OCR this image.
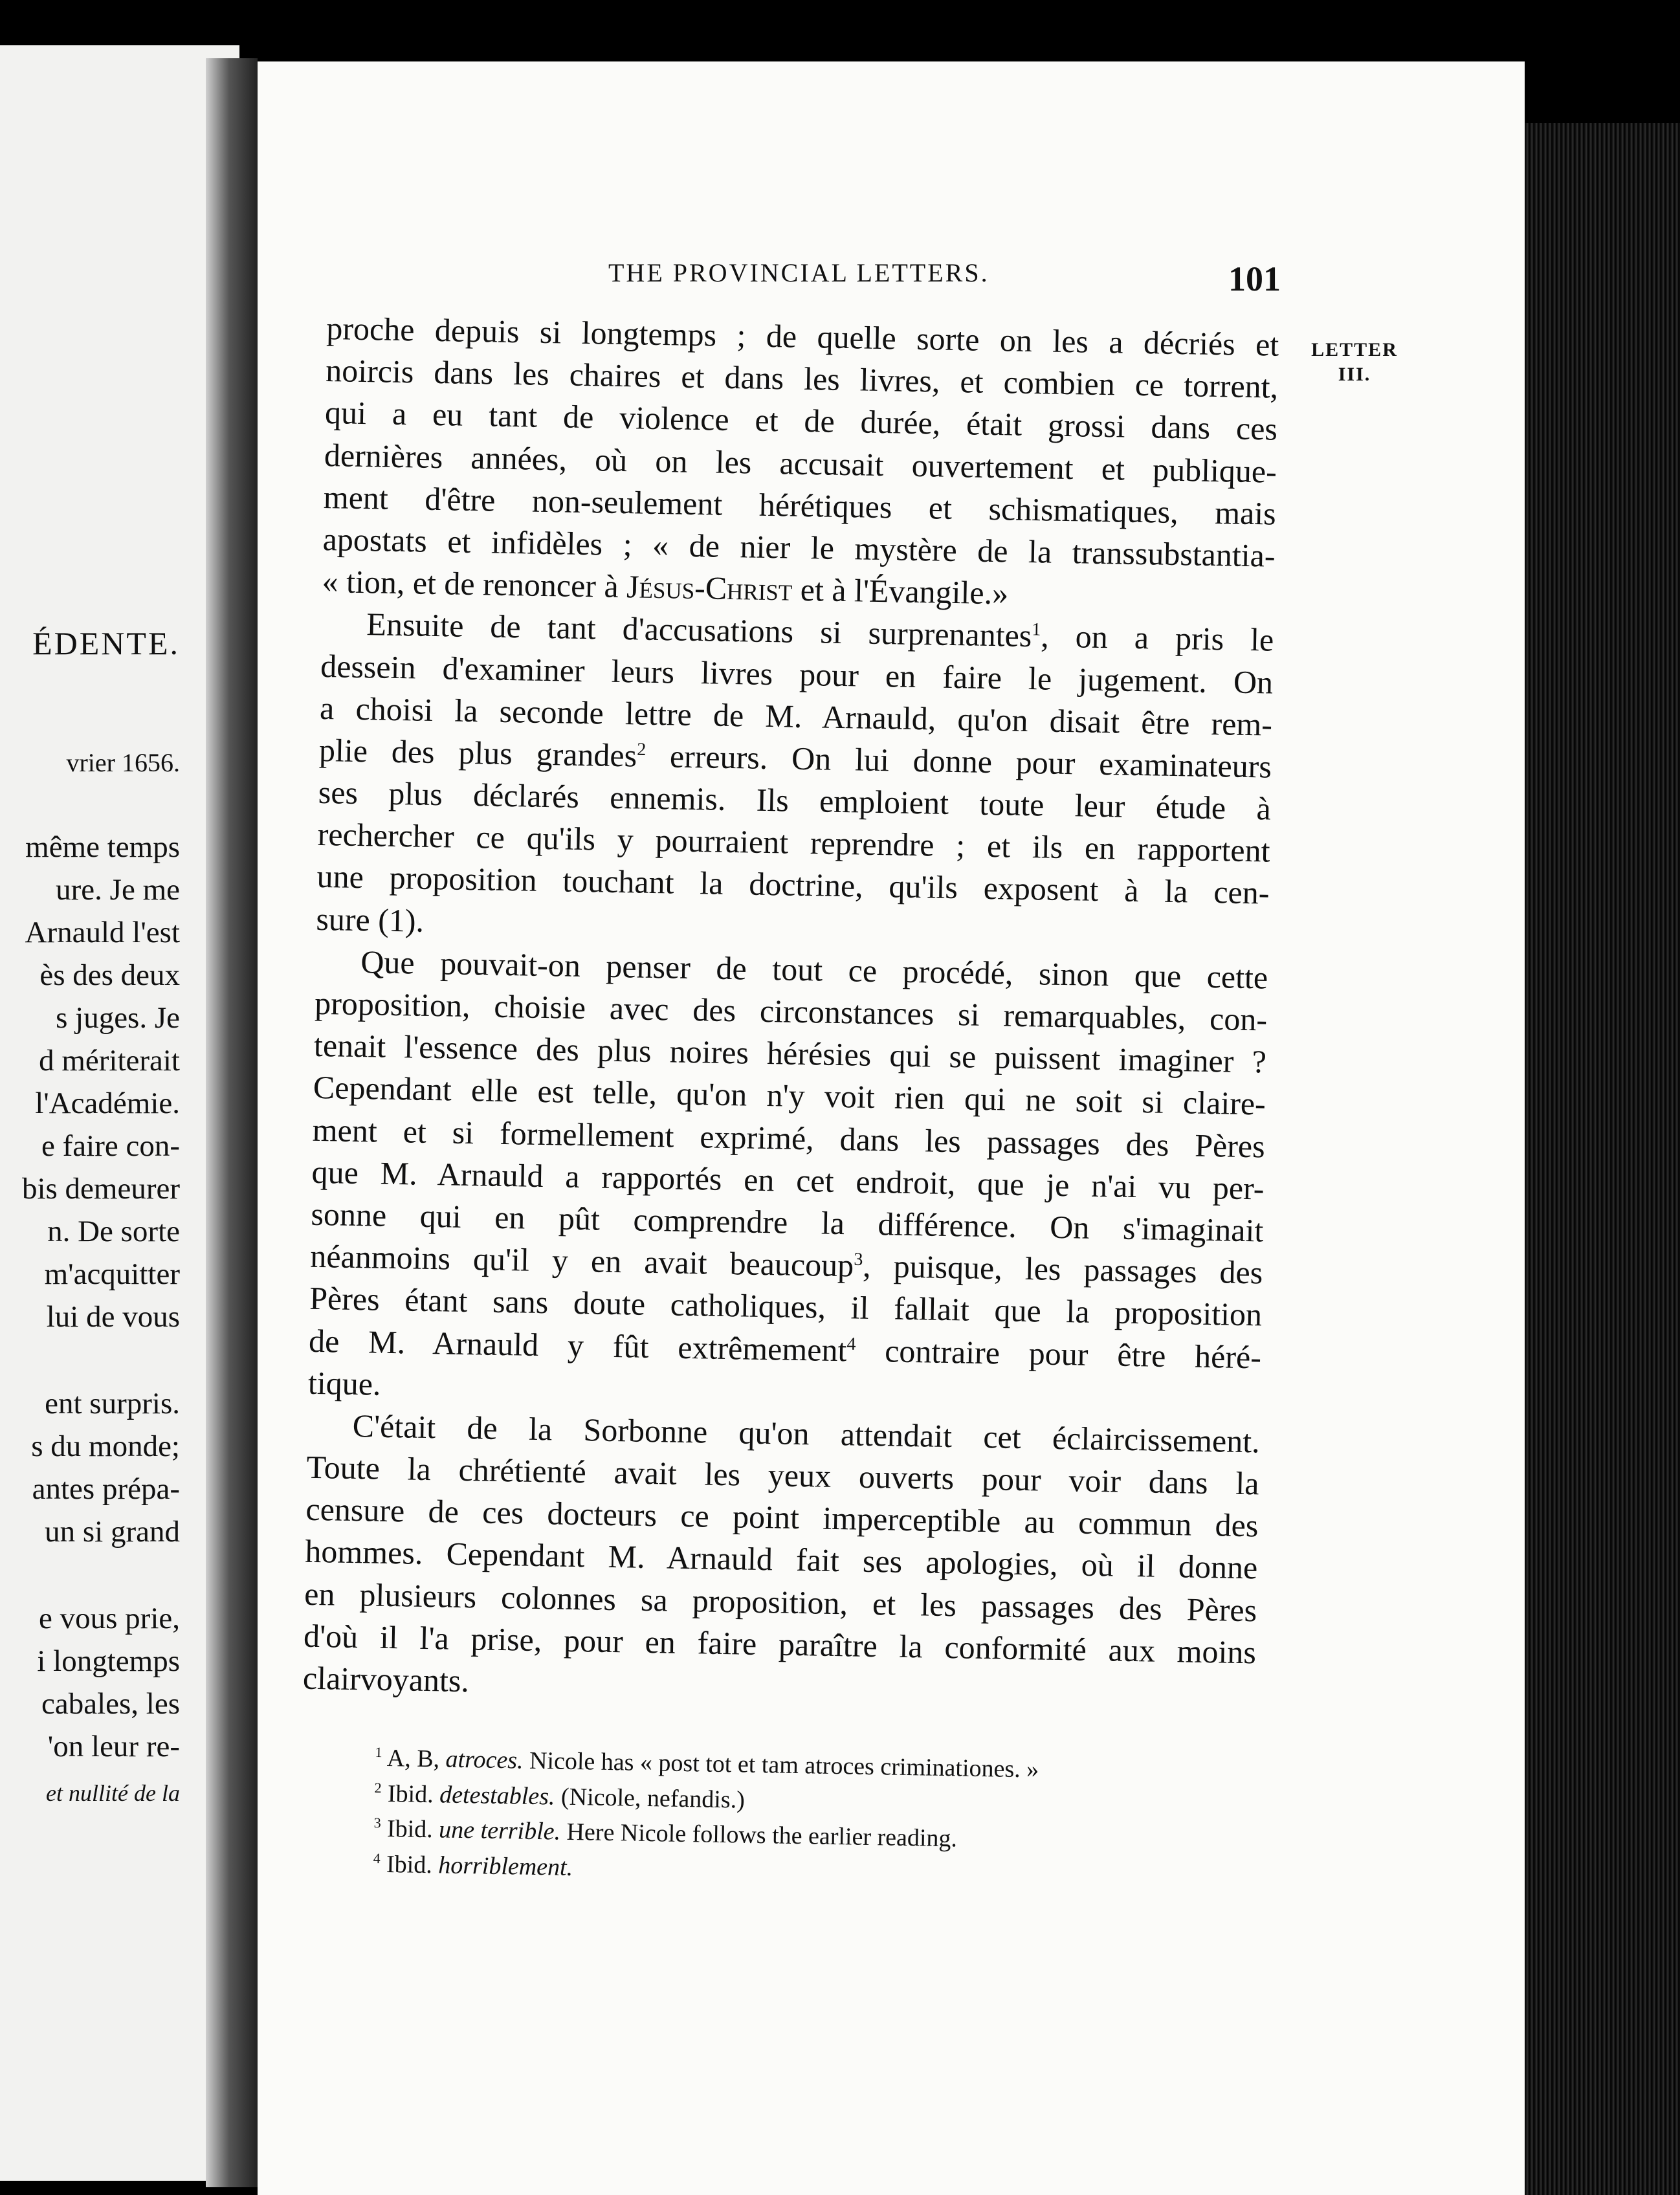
ÉDENTE.
vrier 1656.
même temps
ure. Je me
Arnauld l'est
ès des deux
s juges. Je
d mériterait
l'Académie.
e faire con-
bis demeurer
n. De sorte
m'acquitter
lui de vous
ent surpris.
s du monde;
antes prépa-
un si grand
e vous prie,
i longtemps
cabales, les
'on leur re-
et nullité de la
THE PROVINCIAL LETTERS.	101
LETTER
III.
proche depuis si longtemps ; de quelle sorte on les a décriés et
noircis dans les chaires et dans les livres, et combien ce torrent,
qui a eu tant de violence et de durée, était grossi dans ces
dernières années, où on les accusait ouvertement et publique-
ment d'être non-seulement hérétiques et schismatiques, mais
apostats et infidèles ; « de nier le mystère de la transsubstantia-
« tion, et de renoncer à Jésus-Christ et à l'Évangile.»
Ensuite de tant d'accusations si surprenantes$^1$, on a pris le
dessein d'examiner leurs livres pour en faire le jugement. On
a choisi la seconde lettre de M. Arnauld, qu'on disait être rem-
plie des plus grandes$^2$ erreurs. On lui donne pour examinateurs
ses plus déclarés ennemis. Ils emploient toute leur étude à
rechercher ce qu'ils y pourraient reprendre ; et ils en rapportent
une proposition touchant la doctrine, qu'ils exposent à la cen-
sure (1).
Que pouvait-on penser de tout ce procédé, sinon que cette
proposition, choisie avec des circonstances si remarquables, con-
tenait l'essence des plus noires hérésies qui se puissent imaginer ?
Cependant elle est telle, qu'on n'y voit rien qui ne soit si claire-
ment et si formellement exprimé, dans les passages des Pères
que M. Arnauld a rapportés en cet endroit, que je n'ai vu per-
sonne qui en pût comprendre la différence. On s'imaginait
néanmoins qu'il y en avait beaucoup$^3$, puisque, les passages des
Pères étant sans doute catholiques, il fallait que la proposition
de M. Arnauld y fût extrêmement$^4$ contraire pour être héré-
tique.
C'était de la Sorbonne qu'on attendait cet éclaircissement.
Toute la chrétienté avait les yeux ouverts pour voir dans la
censure de ces docteurs ce point imperceptible au commun des
hommes. Cependant M. Arnauld fait ses apologies, où il donne
en plusieurs colonnes sa proposition, et les passages des Pères
d'où il l'a prise, pour en faire paraître la conformité aux moins
clairvoyants.
$^1$ A, B, atroces. Nicole has « post tot et tam atroces criminationes. »
$^2$ Ibid. detestables. (Nicole, nefandis.)
$^3$ Ibid. une terrible. Here Nicole follows the earlier reading.
$^4$ Ibid. horriblement.
